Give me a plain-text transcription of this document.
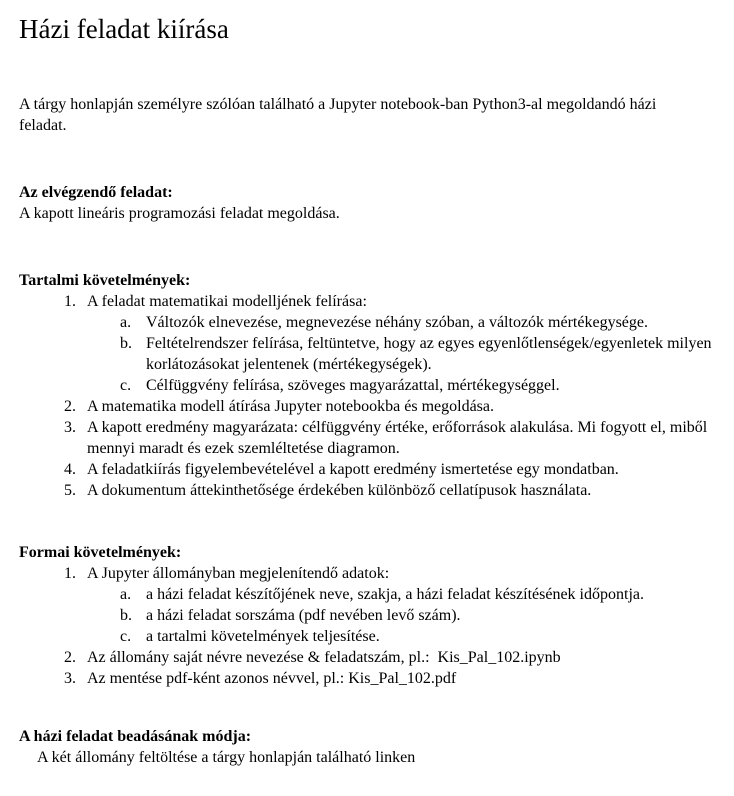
Házi feladat kiírása

A tárgy honlapján személyre szólóan található a Jupyter notebook-ban Python3-al megoldandó házi feladat.

Az elvégzendő feladat:

A kapott lineáris programozási feladat megoldása.

Tartalmi követelmények:
1. A feladat matematikai modelljének felírása:
a. Változók elnevezése, megnevezése néhány szóban, a változók mértékegysége.
b. Feltételrendszer felírása, feltüntetve, hogy az egyes egyenlőtlenségek/egyenletek milyen korlátozásokat jelentenek (mértékegységek).
c. Célfüggvény felírása, szöveges magyarázattal, mértékegységgel.
2. A matematika modell átírása Jupyter notebookba és megoldása.
3. A kapott eredmény magyarázata: célfüggvény értéke, erőforrások alakulása. Mi fogyott el, miből mennyi maradt és ezek szemléltetése diagramon.
4. A feladatkiírás figyelembevételével a kapott eredmény ismertetése egy mondatban.
5. A dokumentum áttekinthetősége érdekében különböző cellatípusok használata.
Formai követelmények:
1. A Jupyter állományban megjelenítendő adatok:
a. a házi feladat készítőjének neve, szakja, a házi feladat készítésének időpontja.
b. a házi feladat sorszáma (pdf nevében levő szám).
c. a tartalmi követelmények teljesítése.
2. Az állomány saját névre nevezése & feladatszám, pl.:  Kis_Pal_102.ipynb
3. Az mentése pdf-ként azonos névvel, pl.: Kis_Pal_102.pdf
A házi feladat beadásának módja:

A két állomány feltöltése a tárgy honlapján található linken
